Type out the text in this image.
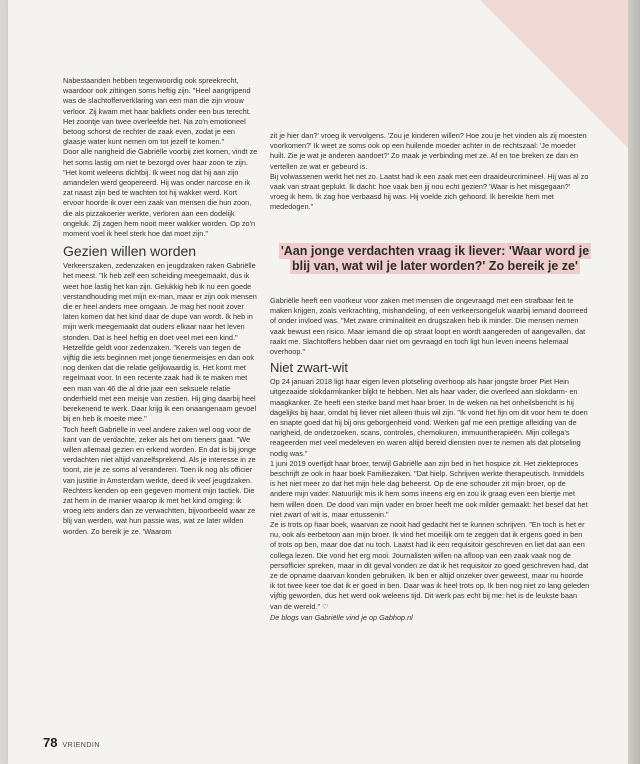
Nabestaanden hebben tegenwoordig ook spreekrecht, waardoor ook zittingen soms heftig zijn. "Heel aangrijpend was de slachtofferverklaring van een man die zijn vrouw verloor. Zij kwam met haar bakfiets onder een bus terecht. Het zoontje van twee overleefde het. Na zo'n emotioneel betoog schorst de rechter de zaak even, zodat je een glaasje water kunt nemen om tot jezelf te komen."

Door alle narigheid die Gabriëlle voorbij ziet komen, vindt ze het soms lastig om niet te bezorgd over haar zoon te zijn. "Het komt weleens dichtbij. Ik weet nog dat hij aan zijn amandelen werd geopereerd. Hij was onder narcose en ik zat naast zijn bed te wachten tot hij wakker werd. Kort ervoor hoorde ik over een zaak van mensen die hun zoon, die als pizzakoerier werkte, verloren aan een dodelijk ongeluk. Zij zagen hem nooit meer wakker worden. Op zo'n moment voel ik heel sterk hoe dat moet zijn."

Gezien willen worden

Verkeerszaken, zedenzaken en jeugdzaken raken Gabriëlle het meest. "Ik heb zelf een scheiding meegemaakt, dus ik weet hoe lastig het kan zijn. Gelukkig heb ik nu een goede verstandhouding met mijn ex-man, maar er zijn ook mensen die er heel anders mee omgaan. Je mag het nooit zover laten komen dat het kind daar de dupe van wordt. Ik heb in mijn werk meegemaakt dat ouders elkaar naar het leven stonden. Dat is heel heftig en doet veel met een kind."

Hetzelfde geldt voor zedenzaken. "Kerels van tegen de vijftig die iets beginnen met jonge tienermeisjes en dan ook nog denken dat die relatie gelijkwaardig is. Het komt met regelmaat voor. In een recente zaak had ik te maken met een man van 46 die al drie jaar een seksuele relatie onderhield met een meisje van zestien. Hij ging daarbij heel berekenend te werk. Daar krijg ik een onaangenaam gevoel bij en heb ik moeite mee."

Toch heeft Gabriëlle in veel andere zaken wel oog voor de kant van de verdachte, zeker als het om tieners gaat. "We willen allemaal gezien en erkend worden. En dat is bij jonge verdachten niet altijd vanzelfsprekend. Als je interesse in ze toont, zie je ze soms al veranderen. Toen ik nog als officier van justitie in Amsterdam werkte, deed ik veel jeugdzaken. Rechters kenden op een gegeven moment mijn tactiek. Die zat hem in de manier waarop ik met het kind omging: ik vroeg iets anders dan ze verwachtten, bijvoorbeeld waar ze blij van werden, wat hun passie was, wat ze later wilden worden. Zo bereik je ze. 'Waarom

zit je hier dan?' vroeg ik vervolgens. 'Zou je kinderen willen? Hoe zou je het vinden als zij moesten voorkomen?' Ik weet ze soms ook op een huilende moeder achter in de rechtszaal: 'Je moeder huilt. Zie je wat je anderen aandoet?' Zo maak je verbinding met ze. Af en toe breken ze dan en vertellen ze wat er gebeurd is.

Bij volwassenen werkt het net zo. Laatst had ik een zaak met een draaideurcrimineel. Hij was al zo vaak van straat geplukt. Ik dacht: hoe vaak ben jij nou echt gezien? 'Waar is het misgegaan?' vroeg ik hem. Ik zag hoe verbaasd hij was. Hij voelde zich gehoord. Ik bereikte hem met mededogen."

'Aan jonge verdachten vraag ik liever: 'Waar word je blij van, wat wil je later worden?' Zo bereik je ze'

Gabriëlle heeft een voorkeur voor zaken met mensen die ongevraagd met een strafbaar feit te maken krijgen, zoals verkrachting, mishandeling, of een verkeersongeluk waarbij iemand doorreed of onder invloed was. "Met zware criminaliteit en drugszaken heb ik minder. Die mensen nemen vaak bewust een risico. Maar iemand die op straat loopt en wordt aangereden of aangevallen, dat raakt me. Slachtoffers hebben daar niet om gevraagd en toch ligt hun leven ineens helemaal overhoop."

Niet zwart-wit

Op 24 januari 2018 ligt haar eigen leven plotseling overhoop als haar jongste broer Piet Hein uitgezaaide slokdarmkanker blijkt te hebben. Net als haar vader, die overleed aan slokdarm- en maagkanker. Ze heeft een sterke band met haar broer. In de weken na het onheilsbericht is hij dagelijks bij haar, omdat hij liever niet alleen thuis wil zijn. "Ik vond het fijn om dit voor hem te doen en snapte goed dat hij bij ons geborgenheid vond. Werken gaf me een prettige afleiding van de narigheid, de onderzoeken, scans, controles, chemokuren, immuuntherapieën. Mijn collega's reageerden met veel medeleven en waren altijd bereid diensten over te nemen als dat plotseling nodig was."

1 juni 2019 overlijdt haar broer, terwijl Gabriëlle aan zijn bed in het hospice zit. Het ziekteproces beschrijft ze ook in haar boek Familiezaken. "Dat hielp. Schrijven werkte therapeutisch. Inmiddels is het niet meer zo dat het mijn hele dag beheerst. Op de ene schouder zit mijn broer, op de andere mijn vader. Natuurlijk mis ik hem soms ineens erg en zou ik graag even een biertje met hem willen doen. De dood van mijn vader en broer heeft me ook milder gemaakt: het besef dat het niet zwart of wit is, maar ertussenin."

Ze is trots op haar boek, waarvan ze nooit had gedacht het te kunnen schrijven. "En toch is het er nu, ook als eerbetoon aan mijn broer. Ik vind het moeilijk om te zeggen dat ik ergens goed in ben of trots op ben, maar doe dat nu toch. Laatst had ik een requisitoir geschreven en liet dat aan een collega lezen. Die vond het erg mooi. Journalisten willen na afloop van een zaak vaak nog de persofficier spreken, maar in dit geval vonden ze dat ik het requisitoir zo goed geschreven had, dat ze de opname daarvan konden gebruiken. Ik ben er altijd onzeker over geweest, maar nu hoorde ik tot twee keer toe dat ik er goed in ben. Daar was ik heel trots op. Ik ben nog niet zo lang geleden vijftig geworden, dus het werd ook weleens tijd. Dit werk pas echt bij me: het is de leukste baan van de wereld." ♡

De blogs van Gabriëlle vind je op Gabhop.nl

78 VRIENDIN
